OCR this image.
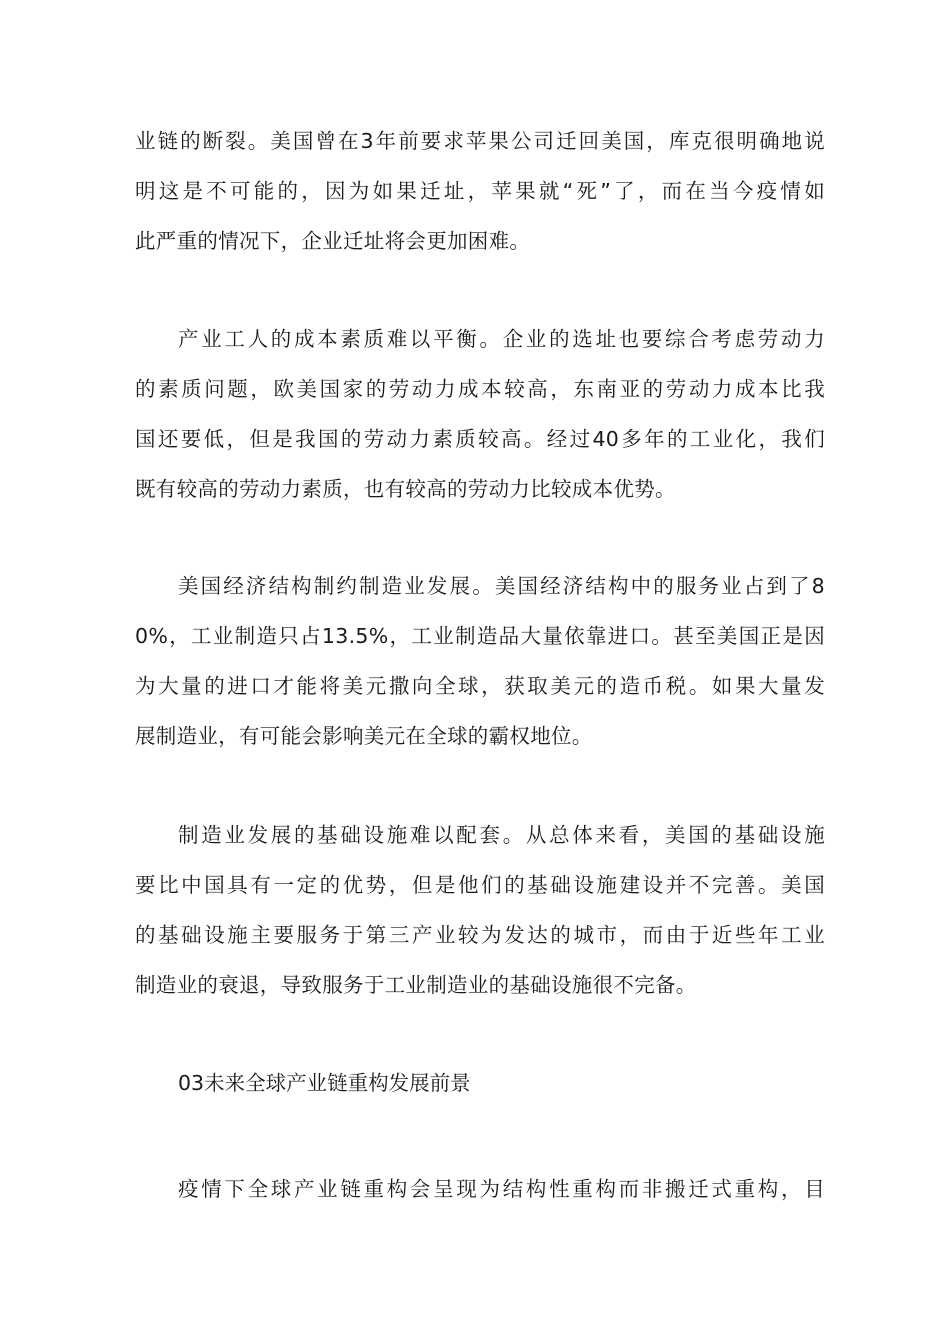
业链的断裂。美国曾在3年前要求苹果公司迁回美国，库克很明确地说
明这是不可能的，因为如果迁址，苹果就“死”了，而在当今疫情如
此严重的情况下，企业迁址将会更加困难。
产业工人的成本素质难以平衡。企业的选址也要综合考虑劳动力
的素质问题，欧美国家的劳动力成本较高，东南亚的劳动力成本比我
国还要低，但是我国的劳动力素质较高。经过40多年的工业化，我们
既有较高的劳动力素质，也有较高的劳动力比较成本优势。
美国经济结构制约制造业发展。美国经济结构中的服务业占到了8
0%，工业制造只占13.5%，工业制造品大量依靠进口。甚至美国正是因
为大量的进口才能将美元撒向全球，获取美元的造币税。如果大量发
展制造业，有可能会影响美元在全球的霸权地位。
制造业发展的基础设施难以配套。从总体来看，美国的基础设施
要比中国具有一定的优势，但是他们的基础设施建设并不完善。美国
的基础设施主要服务于第三产业较为发达的城市，而由于近些年工业
制造业的衰退，导致服务于工业制造业的基础设施很不完备。
03未来全球产业链重构发展前景
疫情下全球产业链重构会呈现为结构性重构而非搬迁式重构，目
